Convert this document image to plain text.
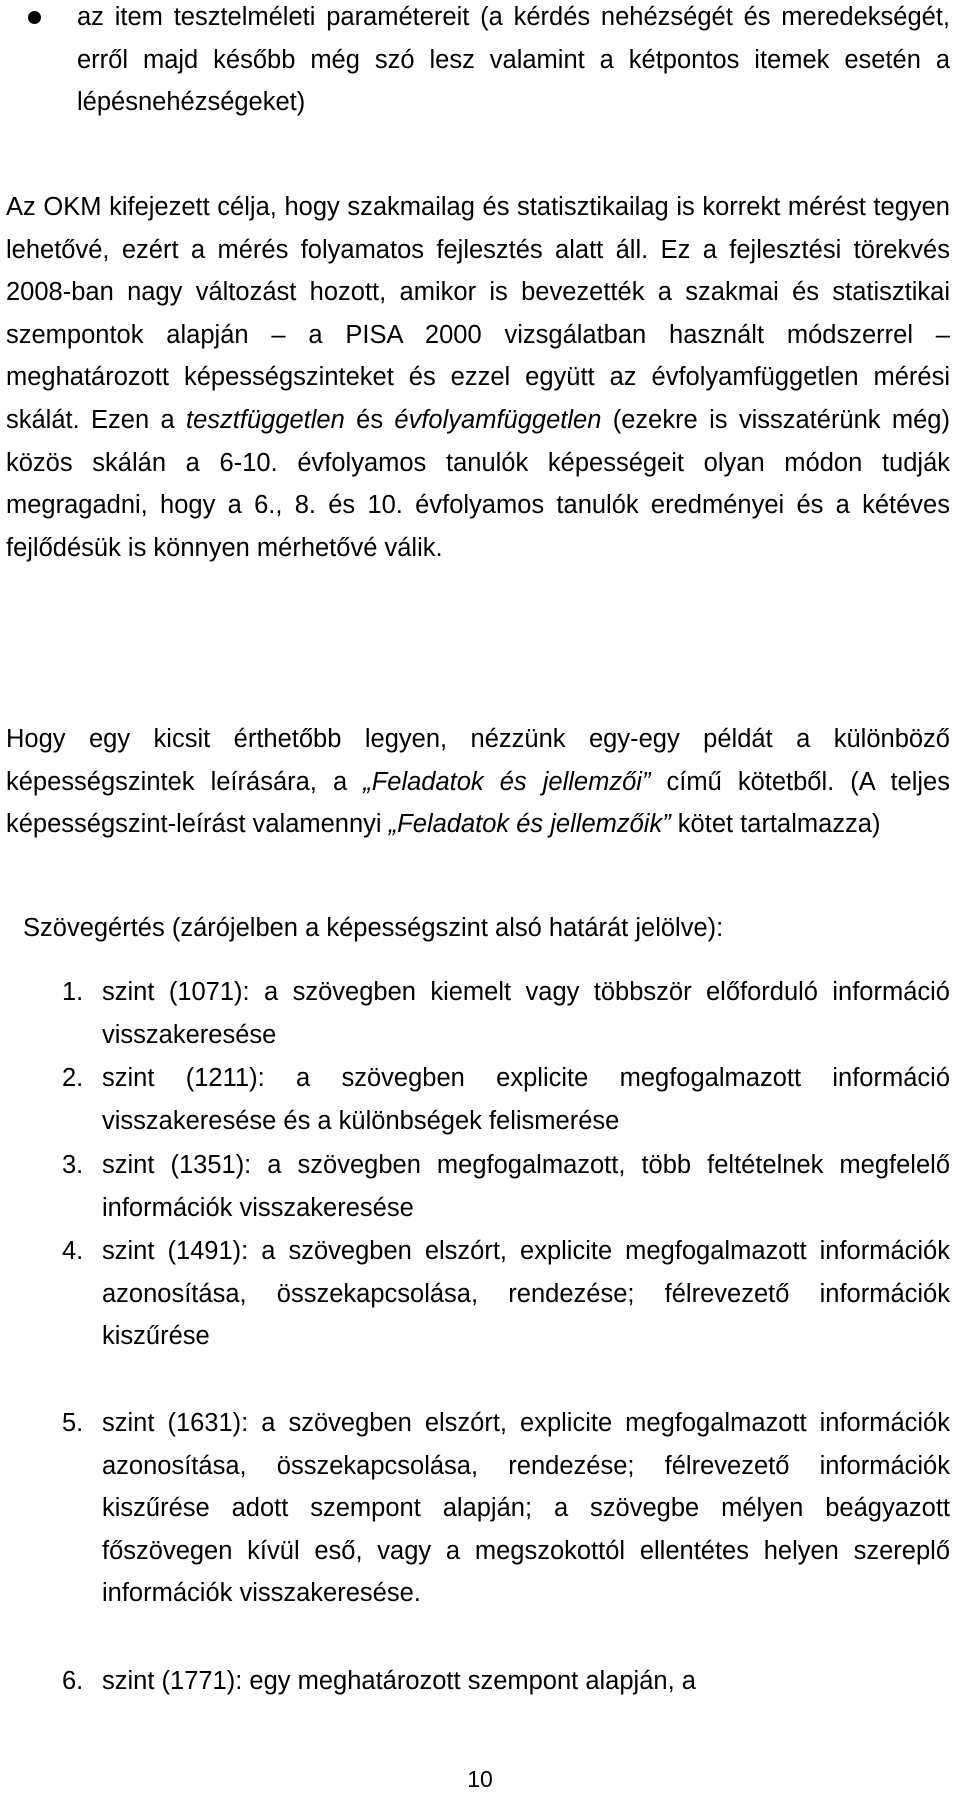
az item tesztelméleti paramétereit (a kérdés nehézségét és meredekségét, erről majd később még szó lesz valamint a kétpontos itemek esetén a lépésnehézségeket)

Az OKM kifejezett célja, hogy szakmailag és statisztikailag is korrekt mérést tegyen lehetővé, ezért a mérés folyamatos fejlesztés alatt áll. Ez a fejlesztési törekvés 2008-ban nagy változást hozott, amikor is bevezették a szakmai és statisztikai szempontok alapján – a PISA 2000 vizsgálatban használt módszerrel – meghatározott képességszinteket és ezzel együtt az évfolyamfüggetlen mérési skálát. Ezen a tesztfüggetlen és évfolyamfüggetlen (ezekre is visszatérünk még) közös skálán a 6-10. évfolyamos tanulók képességeit olyan módon tudják megragadni, hogy a 6., 8. és 10. évfolyamos tanulók eredményei és a kétéves fejlődésük is könnyen mérhetővé válik.

Hogy egy kicsit érthetőbb legyen, nézzünk egy-egy példát a különböző képességszintek leírására, a „Feladatok és jellemzői” című kötetből. (A teljes képességszint-leírást valamennyi „Feladatok és jellemzőik” kötet tartalmazza)

Szövegértés (zárójelben a képességszint alsó határát jelölve):

1. szint (1071): a szövegben kiemelt vagy többször előforduló információ visszakeresése

2. szint (1211): a szövegben explicite megfogalmazott információ visszakeresése és a különbségek felismerése

3. szint (1351): a szövegben megfogalmazott, több feltételnek megfelelő információk visszakeresése

4. szint (1491): a szövegben elszórt, explicite megfogalmazott információk azonosítása, összekapcsolása, rendezése; félrevezető információk kiszűrése

5. szint (1631): a szövegben elszórt, explicite megfogalmazott információk azonosítása, összekapcsolása, rendezése; félrevezető információk kiszűrése adott szempont alapján; a szövegbe mélyen beágyazott főszövegen kívül eső, vagy a megszokottól ellentétes helyen szereplő információk visszakeresése.

6. szint (1771): egy meghatározott szempont alapján, a

10
